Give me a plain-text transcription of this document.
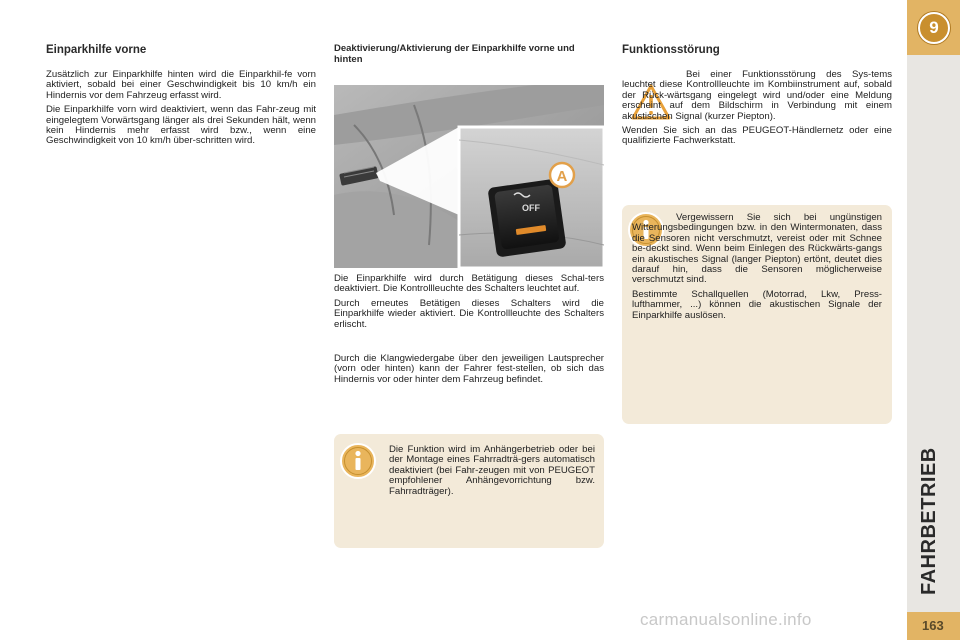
9
FAHRBETRIEB
163
Einparkhilfe vorne

Zusätzlich zur Einparkhilfe hinten wird die Einparkhil-fe vorn aktiviert, sobald bei einer Geschwindigkeit bis 10 km/h ein Hindernis vor dem Fahrzeug erfasst wird.

Die Einparkhilfe vorn wird deaktiviert, wenn das Fahr-zeug mit eingelegtem Vorwärtsgang länger als drei Sekunden hält, wenn kein Hindernis mehr erfasst wird bzw., wenn eine Geschwindigkeit von 10 km/h über-schritten wird.

Deaktivierung/Aktivierung der Einparkhilfe vorne und hinten
OFF
A

Die Einparkhilfe wird durch Betätigung dieses Schal-ters deaktiviert. Die Kontrollleuchte des Schalters leuchtet auf.

Durch erneutes Betätigen dieses Schalters wird die Einparkhilfe wieder aktiviert. Die Kontrollleuchte des Schalters erlischt.

Durch die Klangwiedergabe über den jeweiligen Lautsprecher (vorn oder hinten) kann der Fahrer fest-stellen, ob sich das Hindernis vor oder hinter dem Fahrzeug befindet.

Die Funktion wird im Anhängerbetrieb oder bei der Montage eines Fahrradträ-gers automatisch deaktiviert (bei Fahr-zeugen mit von PEUGEOT empfohlener Anhängevorrichtung bzw. Fahrradträger).

Funktionsstörung

Bei einer Funktionsstörung des Sys-tems leuchtet diese Kontrollleuchte im Kombiinstrument auf, sobald der Rück-wärtsgang eingelegt wird und/oder eine Meldung erscheint auf dem Bildschirm in Verbindung mit einem akustischen Signal (kurzer Piepton).

Wenden Sie sich an das PEUGEOT-Händlernetz oder eine qualifizierte Fachwerkstatt.

Vergewissern Sie sich bei ungünstigen Witterungsbedingungen bzw. in den Wintermonaten, dass die Sensoren nicht verschmutzt, vereist oder mit Schnee be-deckt sind. Wenn beim Einlegen des Rückwärts-gangs ein akustisches Signal (langer Piepton) ertönt, deutet dies darauf hin, dass die Sensoren möglicherweise verschmutzt sind.

Bestimmte Schallquellen (Motorrad, Lkw, Press-lufthammer, ...) können die akustischen Signale der Einparkhilfe auslösen.

carmanualsonline.info
